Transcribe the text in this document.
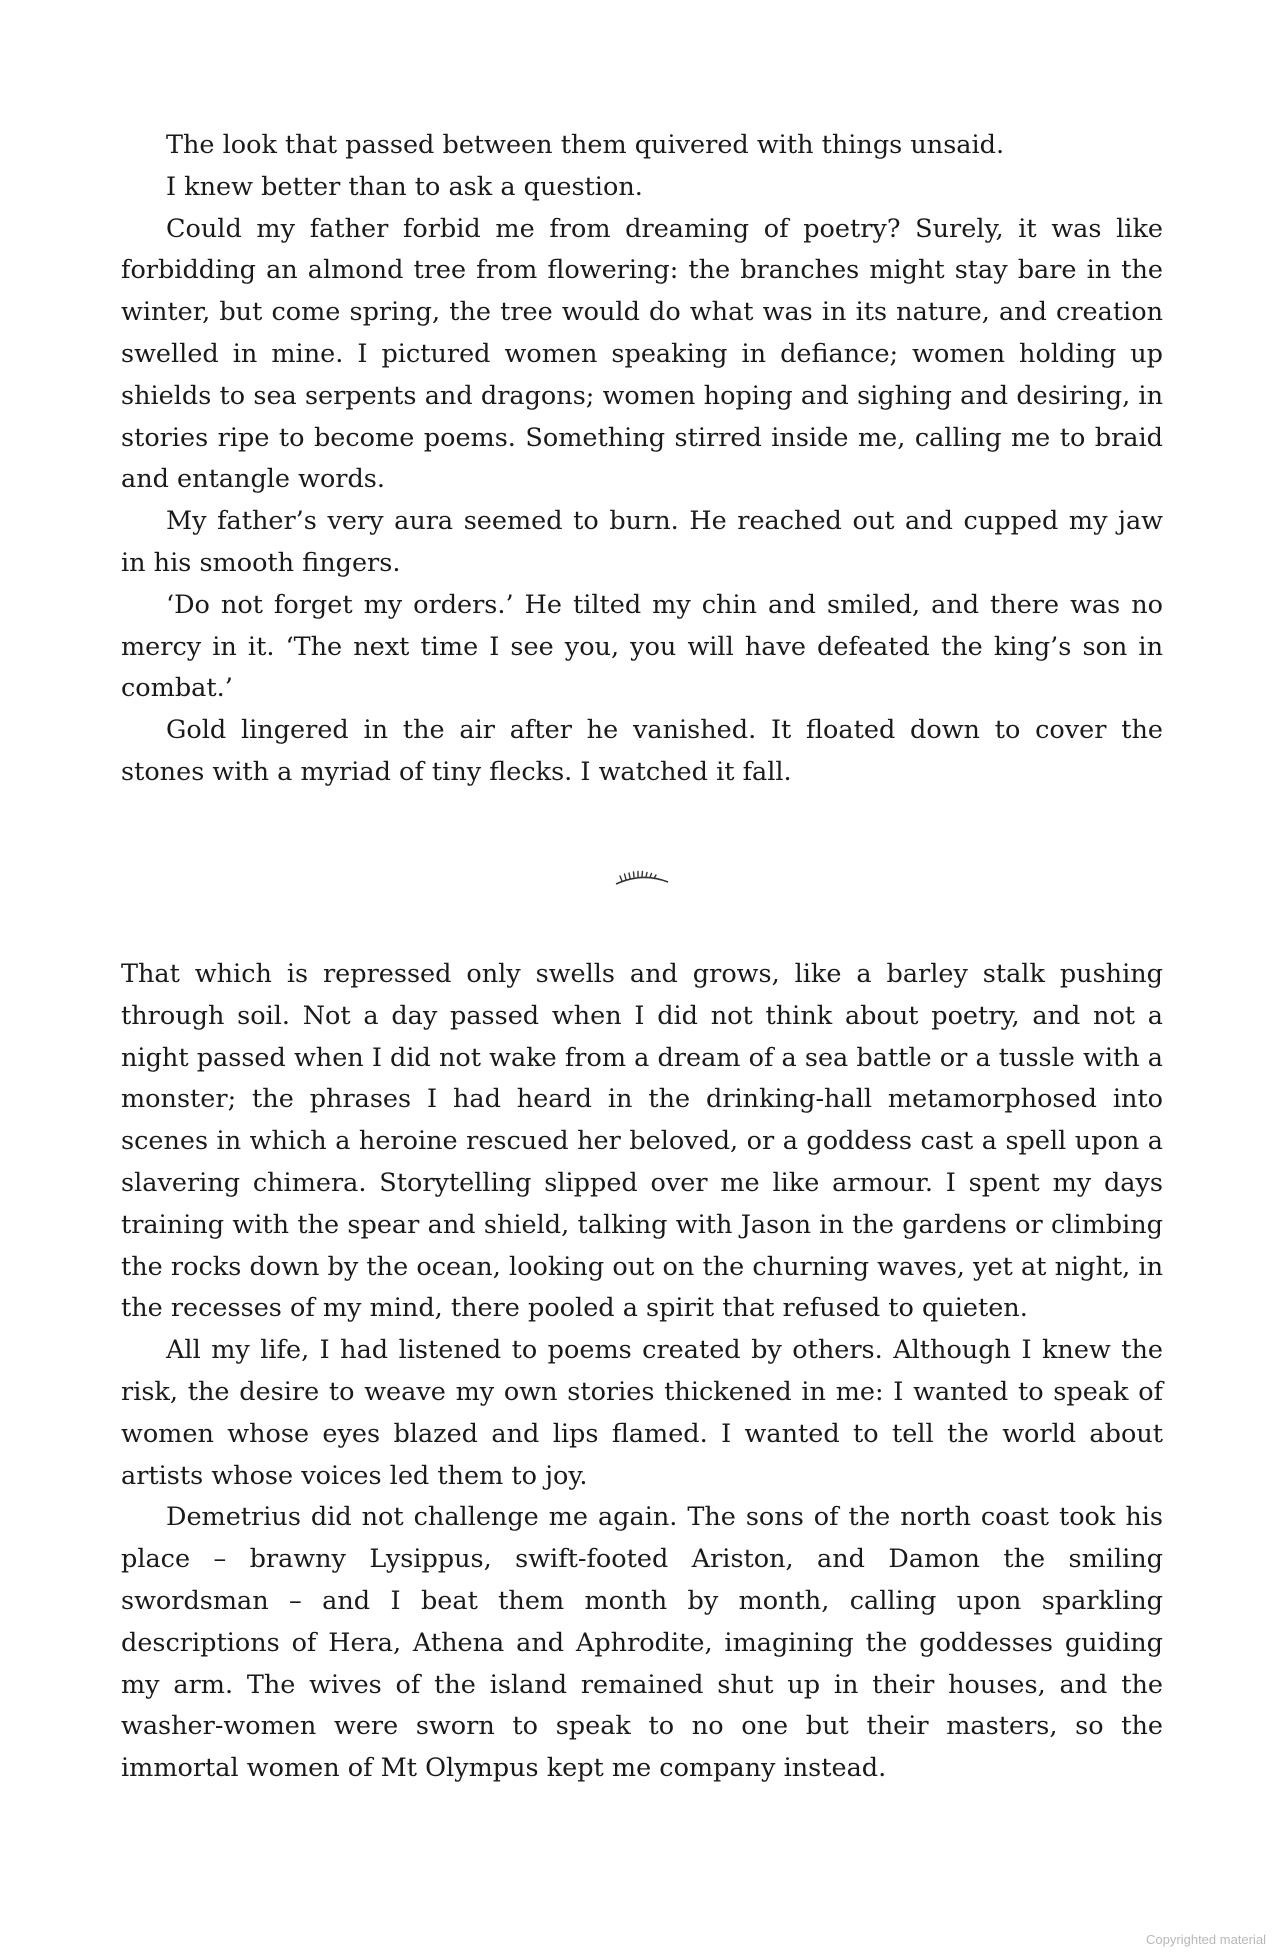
The look that passed between them quivered with things unsaid.

I knew better than to ask a question.

Could my father forbid me from dreaming of poetry? Surely, it was like forbidding an almond tree from flowering: the branches might stay bare in the winter, but come spring, the tree would do what was in its nature, and creation swelled in mine. I pictured women speaking in defiance; women holding up shields to sea serpents and dragons; women hoping and sighing and desiring, in stories ripe to become poems. Something stirred inside me, calling me to braid and entangle words.

My father’s very aura seemed to burn. He reached out and cupped my jaw in his smooth fingers.

‘Do not forget my orders.’ He tilted my chin and smiled, and there was no mercy in it. ‘The next time I see you, you will have defeated the king’s son in combat.’

Gold lingered in the air after he vanished. It floated down to cover the stones with a myriad of tiny flecks. I watched it fall.

That which is repressed only swells and grows, like a barley stalk pushing through soil. Not a day passed when I did not think about poetry, and not a night passed when I did not wake from a dream of a sea battle or a tussle with a monster; the phrases I had heard in the drinking-hall metamorphosed into scenes in which a heroine rescued her beloved, or a goddess cast a spell upon a slavering chimera. Storytelling slipped over me like armour. I spent my days training with the spear and shield, talking with Jason in the gardens or climbing the rocks down by the ocean, looking out on the churning waves, yet at night, in the recesses of my mind, there pooled a spirit that refused to quieten.

All my life, I had listened to poems created by others. Although I knew the risk, the desire to weave my own stories thickened in me: I wanted to speak of women whose eyes blazed and lips flamed. I wanted to tell the world about artists whose voices led them to joy.

Demetrius did not challenge me again. The sons of the north coast took his place – brawny Lysippus, swift-footed Ariston, and Damon the smiling swordsman – and I beat them month by month, calling upon sparkling descriptions of Hera, Athena and Aphrodite, imagining the goddesses guiding my arm. The wives of the island remained shut up in their houses, and the washer-women were sworn to speak to no one but their masters, so the immortal women of Mt Olympus kept me company instead.

Copyrighted material
